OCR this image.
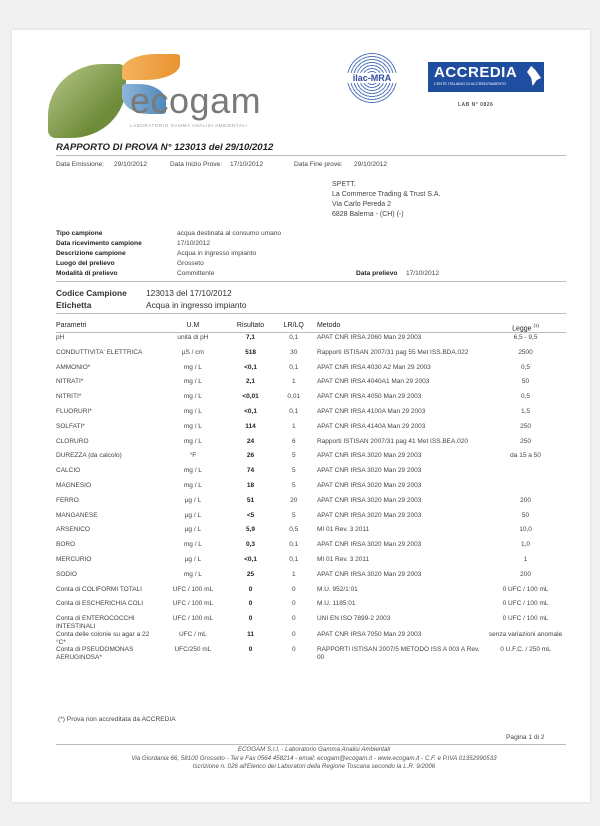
ecogam
LABORATORIO GAMMA ANALISI AMBIENTALI
ilac-MRA	ACCREDIA
L'ENTE ITALIANO DI ACCREDITAMENTO
LAB N° 0826
RAPPORTO DI PROVA N° 123013 del 29/10/2012
Data Emissione: 29/10/2012	Data Inizio Prove: 17/10/2012	Data Fine prove: 29/10/2012
SPETT.
La Commerce Trading & Trust S.A.
Via Carlo Pereda 2
6828 Balerna - (CH) (-)
Tipo campione	acqua destinata al consumo umano
Data ricevimento campione	17/10/2012
Descrizione campione	Acqua in ingresso impianto
Luogo del prelievo	Grosseto
Modalità di prelievo	Committente	Data prelievo 17/10/2012
Codice Campione 123013 del 17/10/2012
Etichetta	Acqua in ingresso impianto
Parametri	U.M	Risultato	LR/LQ	Metodo	Legge $^{(1)}$
pH	unità di pH	7,1	0,1	APAT CNR IRSA 2060 Man 29 2003	6,5 - 9,5
CONDUTTIVITA' ELETTRICA	µS / cm	518	30	Rapporti ISTISAN 2007/31 pag 55 Met ISS.BDA.022	2500
AMMONIO*	mg / L	<0,1	0,1	APAT CNR IRSA 4030 A2 Man 29 2003	0,5
NITRATI*	mg / L	2,1	1	APAT CNR IRSA 4040A1 Man 29 2003	50
NITRITI*	mg / L	<0,01	0,01	APAT CNR IRSA 4050 Man 29 2003	0,5
FLUORURI*	mg / L	<0,1	0,1	APAT CNR IRSA 4100A Man 29 2003	1,5
SOLFATI*	mg / L	114	1	APAT CNR IRSA 4140A Man 29 2003	250
CLORURO	mg / L	24	6	Rapporti ISTISAN 2007/31 pag 41 Met ISS.BEA.020	250
DUREZZA (da calcolo)	°F	26	5	APAT CNR IRSA 3020 Man 29 2003	da 15 a 50
CALCIO	mg / L	74	5	APAT CNR IRSA 3020 Man 29 2003	
MAGNESIO	mg / L	18	5	APAT CNR IRSA 3020 Man 29 2003	
FERRO	µg / L	51	20	APAT CNR IRSA 3020 Man 29 2003	200
MANGANESE	µg / L	<5	5	APAT CNR IRSA 3020 Man 29 2003	50
ARSENICO	µg / L	5,9	0,5	MI 01 Rev. 3 2011	10,0
BORO	mg / L	0,3	0,1	APAT CNR IRSA 3020 Man 29 2003	1,0
MERCURIO	µg / L	<0,1	0,1	MI 01 Rev. 3 2011	1
SODIO	mg / L	25	1	APAT CNR IRSA 3020 Man 29 2003	200
Conta di COLIFORMI TOTALI	UFC / 100 mL	0	0	M.U. 952/1:01	0 UFC / 100 mL
Conta di ESCHERICHIA COLI	UFC / 100 mL	0	0	M.U. 1185:01	0 UFC / 100 mL
Conta di ENTEROCOCCHI INTESTINALI	UFC / 100 mL	0	0	UNI EN ISO 7899-2 2003	0 UFC / 100 mL
Conta delle colonie su agar a 22 °C*	UFC / mL	11	0	APAT CNR IRSA 7050 Man 29 2003	senza variazioni anomale
Conta di PSEUDOMONAS AERUGINOSA*	UFC/250 mL	0	0	RAPPORTI ISTISAN 2007/5 METODO ISS A 003 A Rev. 00	0 U.F.C. / 250 mL
(*) Prova non accreditata da ACCREDIA
Pagina 1 di 2
ECOGAM S.r.l. - Laboratorio Gamma Analisi Ambientali
Via Giordania 66, 58100 Grosseto - Tel e Fax 0564 458214 - email: ecogam@ecogam.it - www.ecogam.it - C.F. e P.IVA 01352990533
Iscrizione n. 026 all'Elenco dei Laboratori della Regione Toscana secondo la L.R. 9/2006
